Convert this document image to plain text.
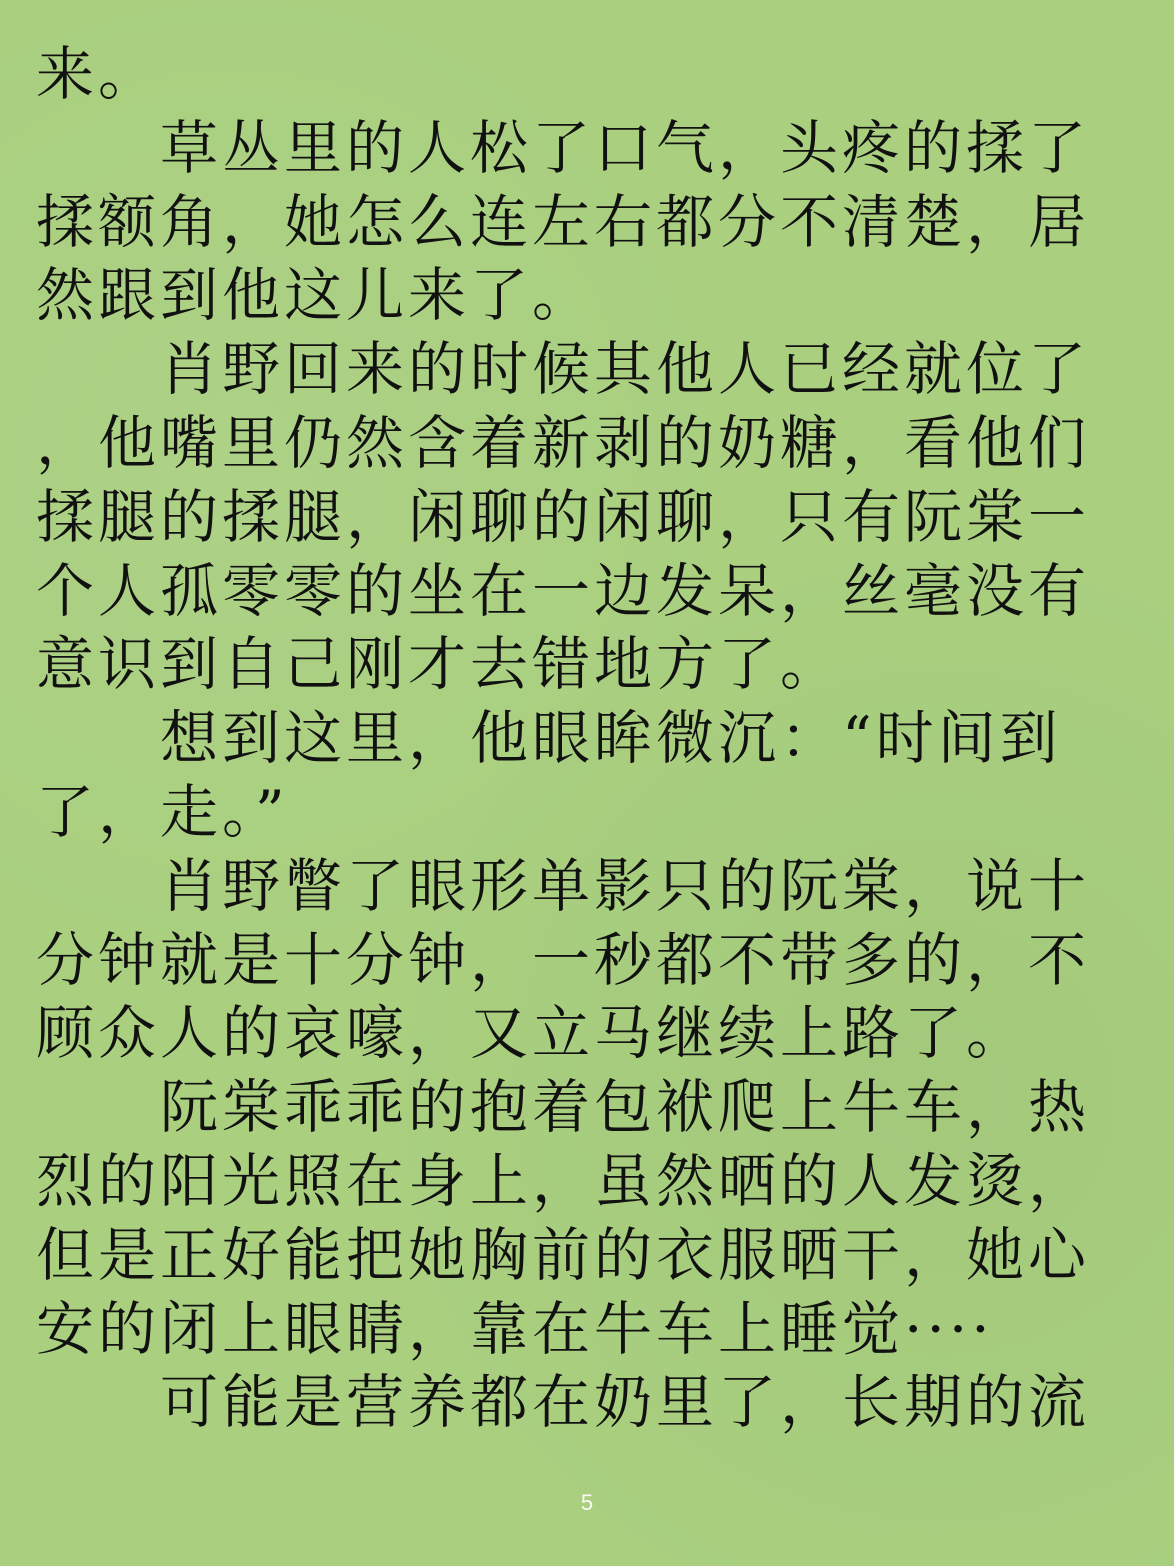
来。
　　草丛里的人松了口气，头疼的揉了
揉额角，她怎么连左右都分不清楚，居
然跟到他这儿来了。
　　肖野回来的时候其他人已经就位了
，他嘴里仍然含着新剥的奶糖，看他们
揉腿的揉腿，闲聊的闲聊，只有阮棠一
个人孤零零的坐在一边发呆，丝毫没有
意识到自己刚才去错地方了。
　　想到这里，他眼眸微沉：“时间到
了，走。”
　　肖野瞥了眼形单影只的阮棠，说十
分钟就是十分钟，一秒都不带多的，不
顾众人的哀嚎，又立马继续上路了。
　　阮棠乖乖的抱着包袱爬上牛车，热
烈的阳光照在身上，虽然晒的人发烫，
但是正好能把她胸前的衣服晒干，她心
安的闭上眼睛，靠在牛车上睡觉····
　　可能是营养都在奶里了，长期的流
5
